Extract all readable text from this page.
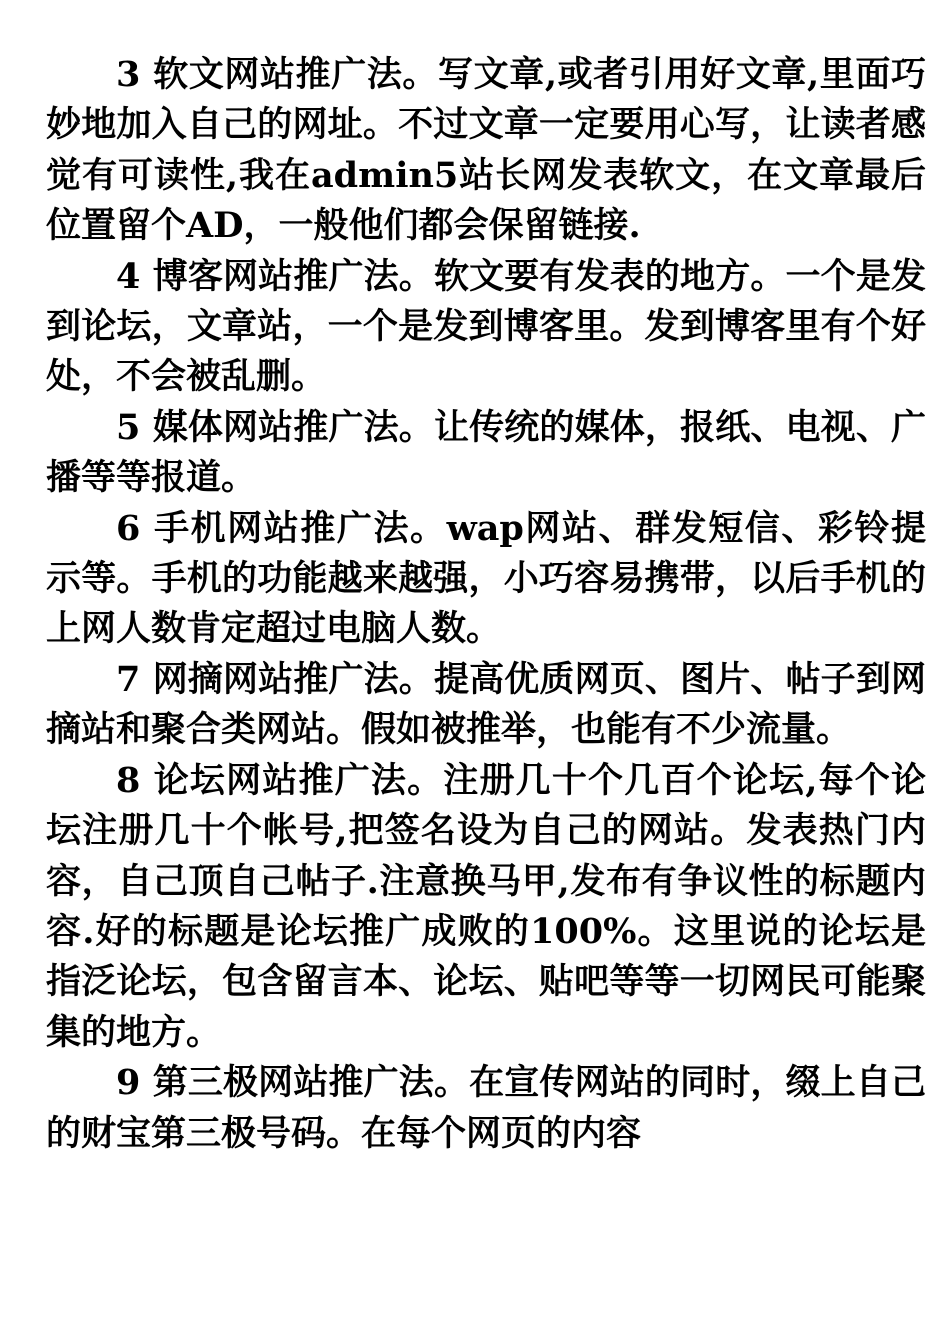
3 软文网站推广法。写文章,或者引用好文章,里面巧妙地加入自己的网址。不过文章一定要用心写，让读者感觉有可读性,我在admin5站长网发表软文，在文章最后位置留个AD，一般他们都会保留链接.

4 博客网站推广法。软文要有发表的地方。一个是发到论坛，文章站，一个是发到博客里。发到博客里有个好处，不会被乱删。

5 媒体网站推广法。让传统的媒体，报纸、电视、广播等等报道。

6 手机网站推广法。wap网站、群发短信、彩铃提示等。手机的功能越来越强，小巧容易携带，以后手机的上网人数肯定超过电脑人数。

7 网摘网站推广法。提高优质网页、图片、帖子到网摘站和聚合类网站。假如被推举，也能有不少流量。

8 论坛网站推广法。注册几十个几百个论坛,每个论坛注册几十个帐号,把签名设为自己的网站。发表热门内容，自己顶自己帖子.注意换马甲,发布有争议性的标题内容.好的标题是论坛推广成败的100%。这里说的论坛是指泛论坛，包含留言本、论坛、贴吧等等一切网民可能聚集的地方。

9 第三极网站推广法。在宣传网站的同时，缀上自己的财宝第三极号码。在每个网页的内容
